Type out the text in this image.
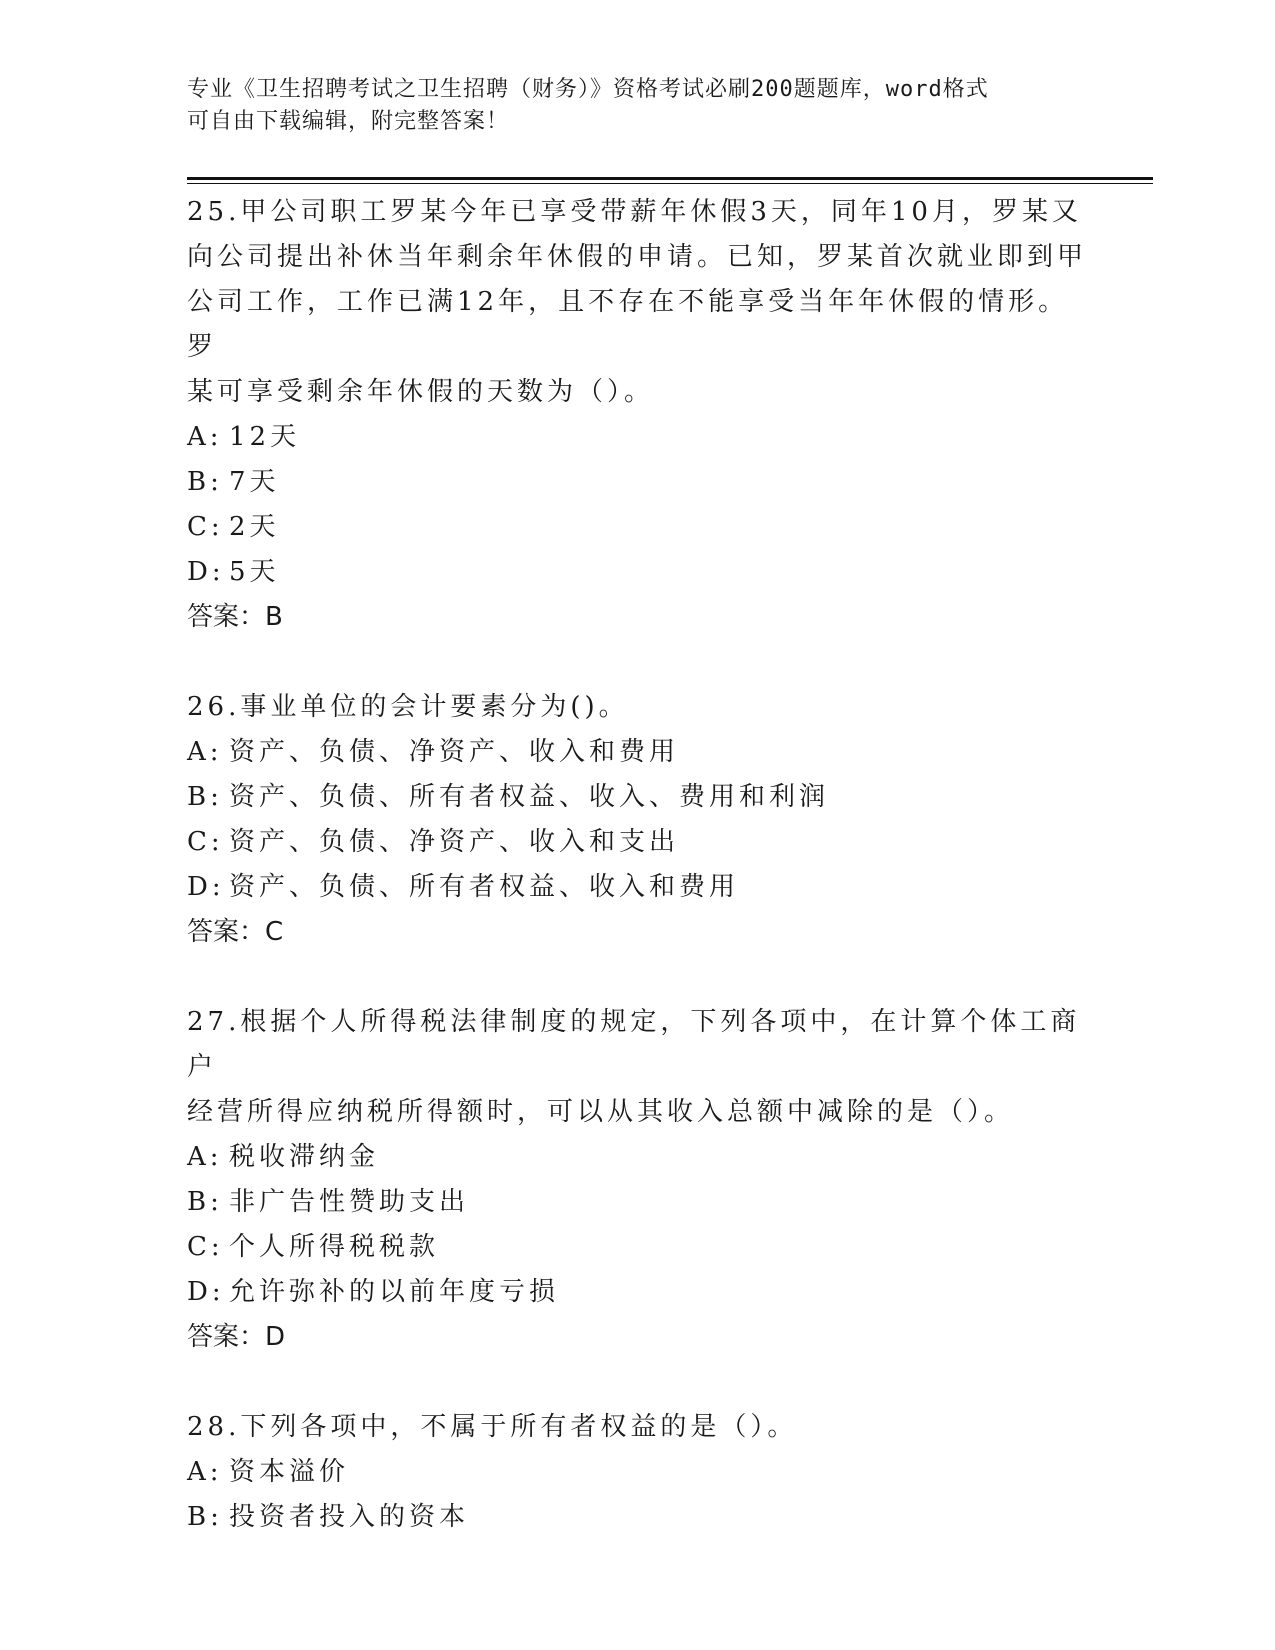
专业《卫生招聘考试之卫生招聘（财务）》资格考试必刷200题题库，word格式
可自由下载编辑，附完整答案！

25.甲公司职工罗某今年已享受带薪年休假3天，同年10月，罗某又

向公司提出补休当年剩余年休假的申请。已知，罗某首次就业即到甲

公司工作，工作已满12年，且不存在不能享受当年年休假的情形。罗

某可享受剩余年休假的天数为（）。

A: 12天

B: 7天

C: 2天

D: 5天

答案：B

26.事业单位的会计要素分为()。

A: 资产、负债、净资产、收入和费用

B: 资产、负债、所有者权益、收入、费用和利润

C: 资产、负债、净资产、收入和支出

D: 资产、负债、所有者权益、收入和费用

答案：C

27.根据个人所得税法律制度的规定，下列各项中，在计算个体工商户

经营所得应纳税所得额时，可以从其收入总额中减除的是（）。

A: 税收滞纳金

B: 非广告性赞助支出

C: 个人所得税税款

D: 允许弥补的以前年度亏损

答案：D

28.下列各项中，不属于所有者权益的是（）。

A: 资本溢价

B: 投资者投入的资本
